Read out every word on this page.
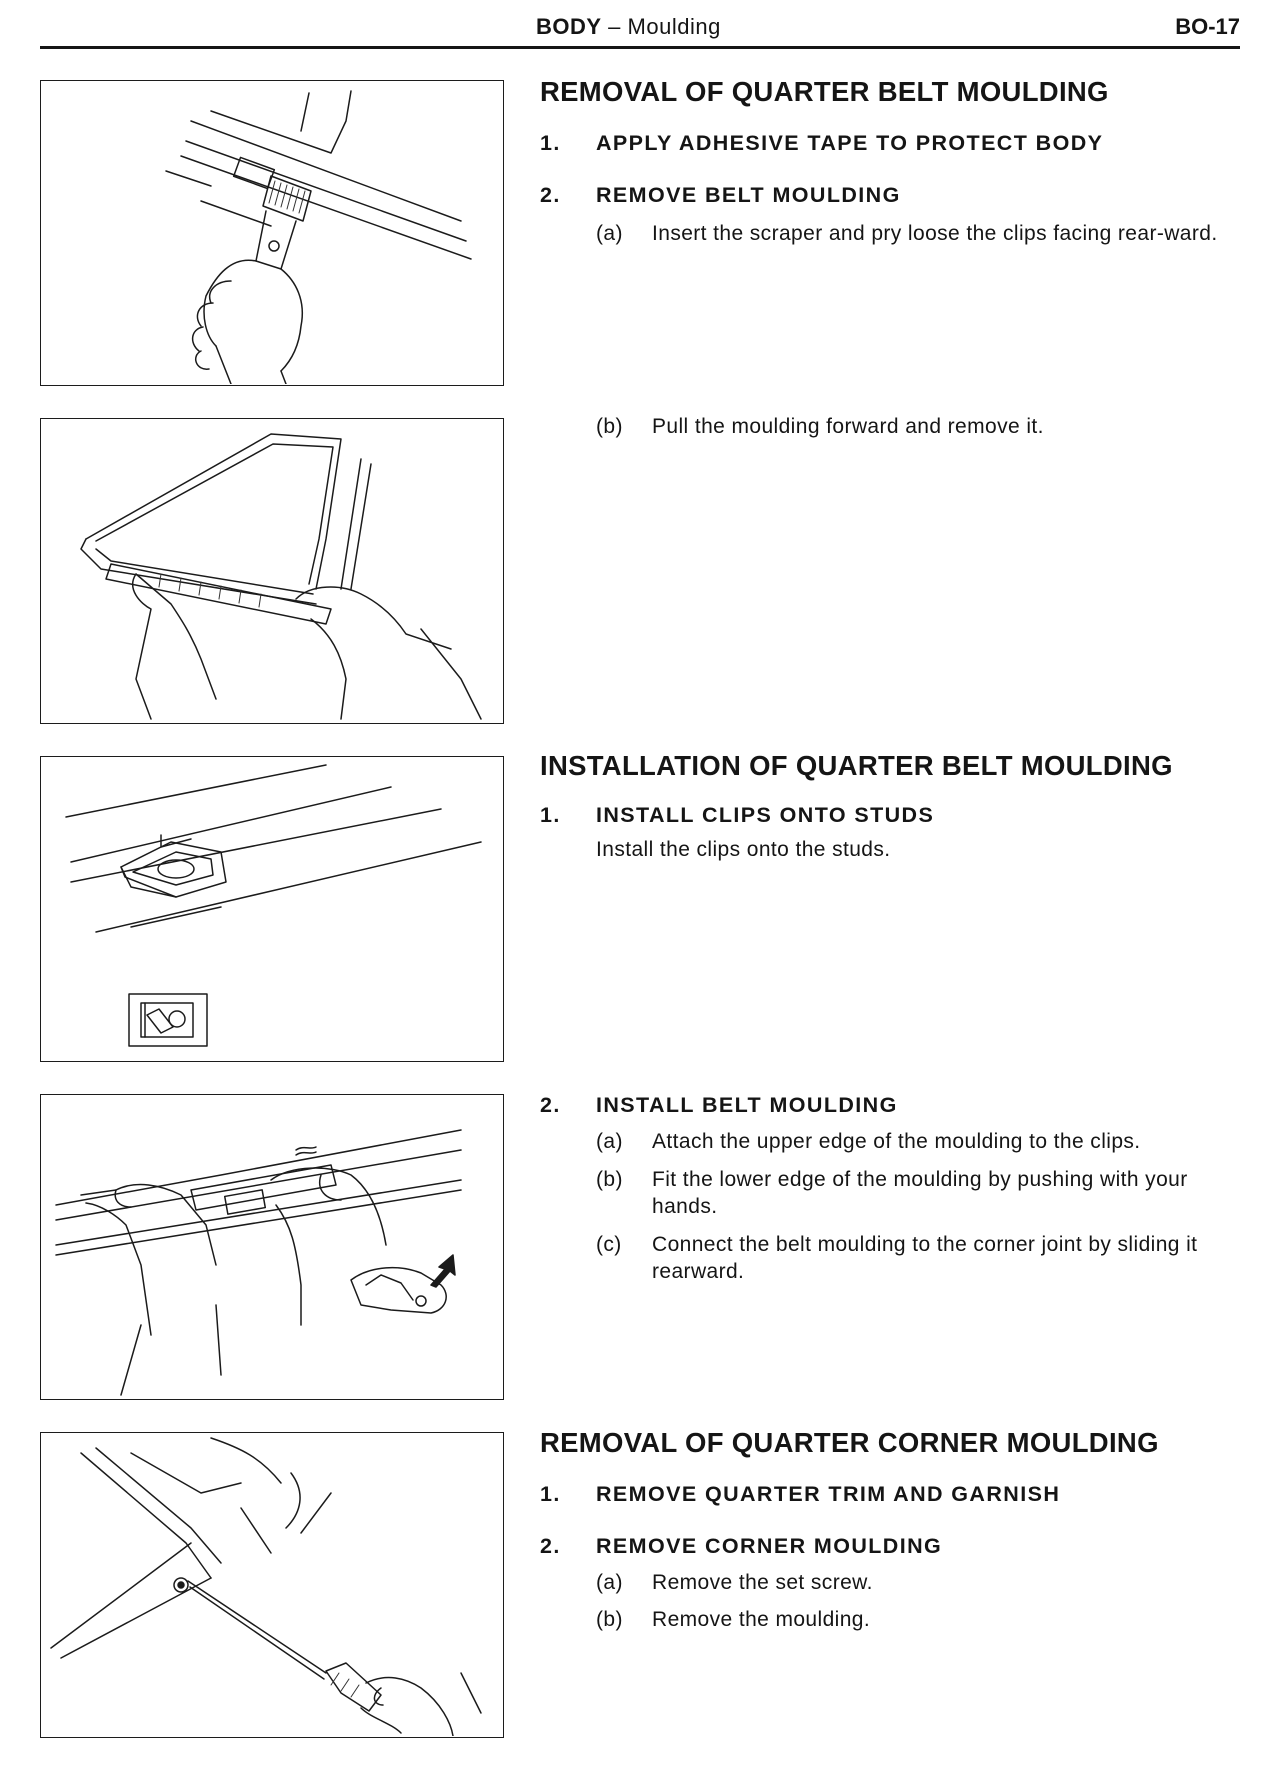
BODY – Moulding	BO-17
REMOVAL OF QUARTER BELT MOULDING
1. APPLY ADHESIVE TAPE TO PROTECT BODY
2. REMOVE BELT MOULDING
(a) Insert the scraper and pry loose the clips facing rear-ward.
(b) Pull the moulding forward and remove it.
INSTALLATION OF QUARTER BELT MOULDING
1. INSTALL CLIPS ONTO STUDS
Install the clips onto the studs.
2. INSTALL BELT MOULDING
(a) Attach the upper edge of the moulding to the clips.
(b) Fit the lower edge of the moulding by pushing with your hands.
(c) Connect the belt moulding to the corner joint by sliding it rearward.
REMOVAL OF QUARTER CORNER MOULDING
1. REMOVE QUARTER TRIM AND GARNISH
2. REMOVE CORNER MOULDING
(a) Remove the set screw.
(b) Remove the moulding.
